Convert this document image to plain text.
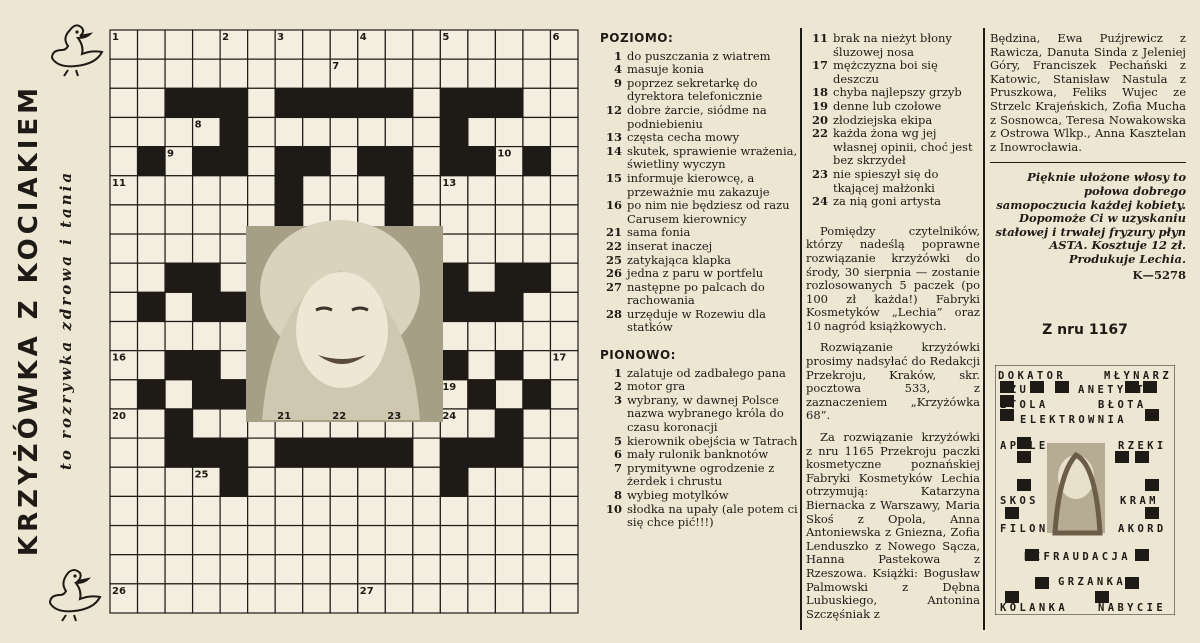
KRZYŻÓWKA Z KOCIAKIEM to rozrywka zdrowa i tania
1	2	3	4	5	6
7
8
9	10
11	12	13
14	15
16	17
18	19
20	21	22	23	24
25
26	27
POZIOMO:
1 do puszczania z wiatrem
4 masuje konia
9 poprzez sekretarkę do dyrektora telefonicznie
12 dobre żarcie, siódme na podniebieniu
13 częsta cecha mowy
14 skutek, sprawienie wrażenia, świetliny wyczyn
15 informuje kierowcę, a przeważnie mu zakazuje
16 po nim nie będziesz od razu Carusem kierownicy
21 sama fonia
22 inserat inaczej
25 zatykająca klapka
26 jedna z paru w portfelu
27 następne po palcach do rachowania
28 urzęduje w Rozewiu dla statków
PIONOWO:
1 zalatuje od zadbałego pana
2 motor gra
3 wybrany, w dawnej Polsce nazwa wybranego króla do czasu koronacji
5 kierownik obejścia w Tatrach
6 mały rulonik banknotów
7 prymitywne ogrodzenie z żerdek i chrustu
8 wybieg motylków
10 słodka na upały (ale potem ci się chce pić!!!)
11 brak na nieżyt błony śluzowej nosa
17 mężczyzna boi się deszczu
18 chyba najlepszy grzyb
19 denne lub czołowe
20 złodziejska ekipa
22 każda żona wg jej własnej opinii, choć jest bez skrzydeł
23 nie spieszył się do tkającej małżonki
24 za nią goni artysta

Pomiędzy czytelników, którzy nadeślą poprawne rozwiązanie krzyżówki do środy, 30 sierpnia — zostanie rozlosowanych 5 paczek (po 100 zł każda!) Fabryki Kosmetyków „Lechia” oraz 10 nagród książkowych.

Rozwiązanie krzyżówki prosimy nadsyłać do Redakcji Przekroju, Kraków, skr. pocztowa 533, z zaznaczeniem „Krzyżówka 68”.

Za rozwiązanie krzyżówki z nru 1165 Przekroju paczki kosmetyczne poznańskiej Fabryki Kosmetyków Lechia otrzymują: Katarzyna Biernacka z Warszawy, Maria Skoś z Opola, Anna Antoniewska z Gniezna, Zofia Lenduszko z Nowego Sącza, Hanna Pastekowa z Rzeszowa. Książki: Bogusław Palmowski z Dębna Lubuskiego, Antonina Szczęśniak z

Będzina, Ewa Puźjrewicz z Rawicza, Danuta Sinda z Jeleniej Góry, Franciszek Pechański z Katowic, Stanisław Nastula z Pruszkowa, Feliks Wujec ze Strzelc Krajeńskich, Zofia Mucha z Sosnowca, Teresa Nowakowska z Ostrowa Wlkp., Anna Kasztelan z Inowrocławia.

Pięknie ułożone włosy to połowa dobrego samopoczucia każdej kobiety. Dopomoże Ci w uzyskaniu stałowej i trwałej fryzury płyn ASTA. Kosztuje 12 zł. Produkuje Lechia.
K—5278
Z nru 1167
DOKATOR	MŁYNARZ
OZU	ANETYST
ETOLA	BŁOTA
ELEKTROWNIA
APELE	RZEKI
SKOS	KRAM
FILON	AKORD
DEFRAUDACJA
GRZANKA
KOLANKA	NABYCIE
